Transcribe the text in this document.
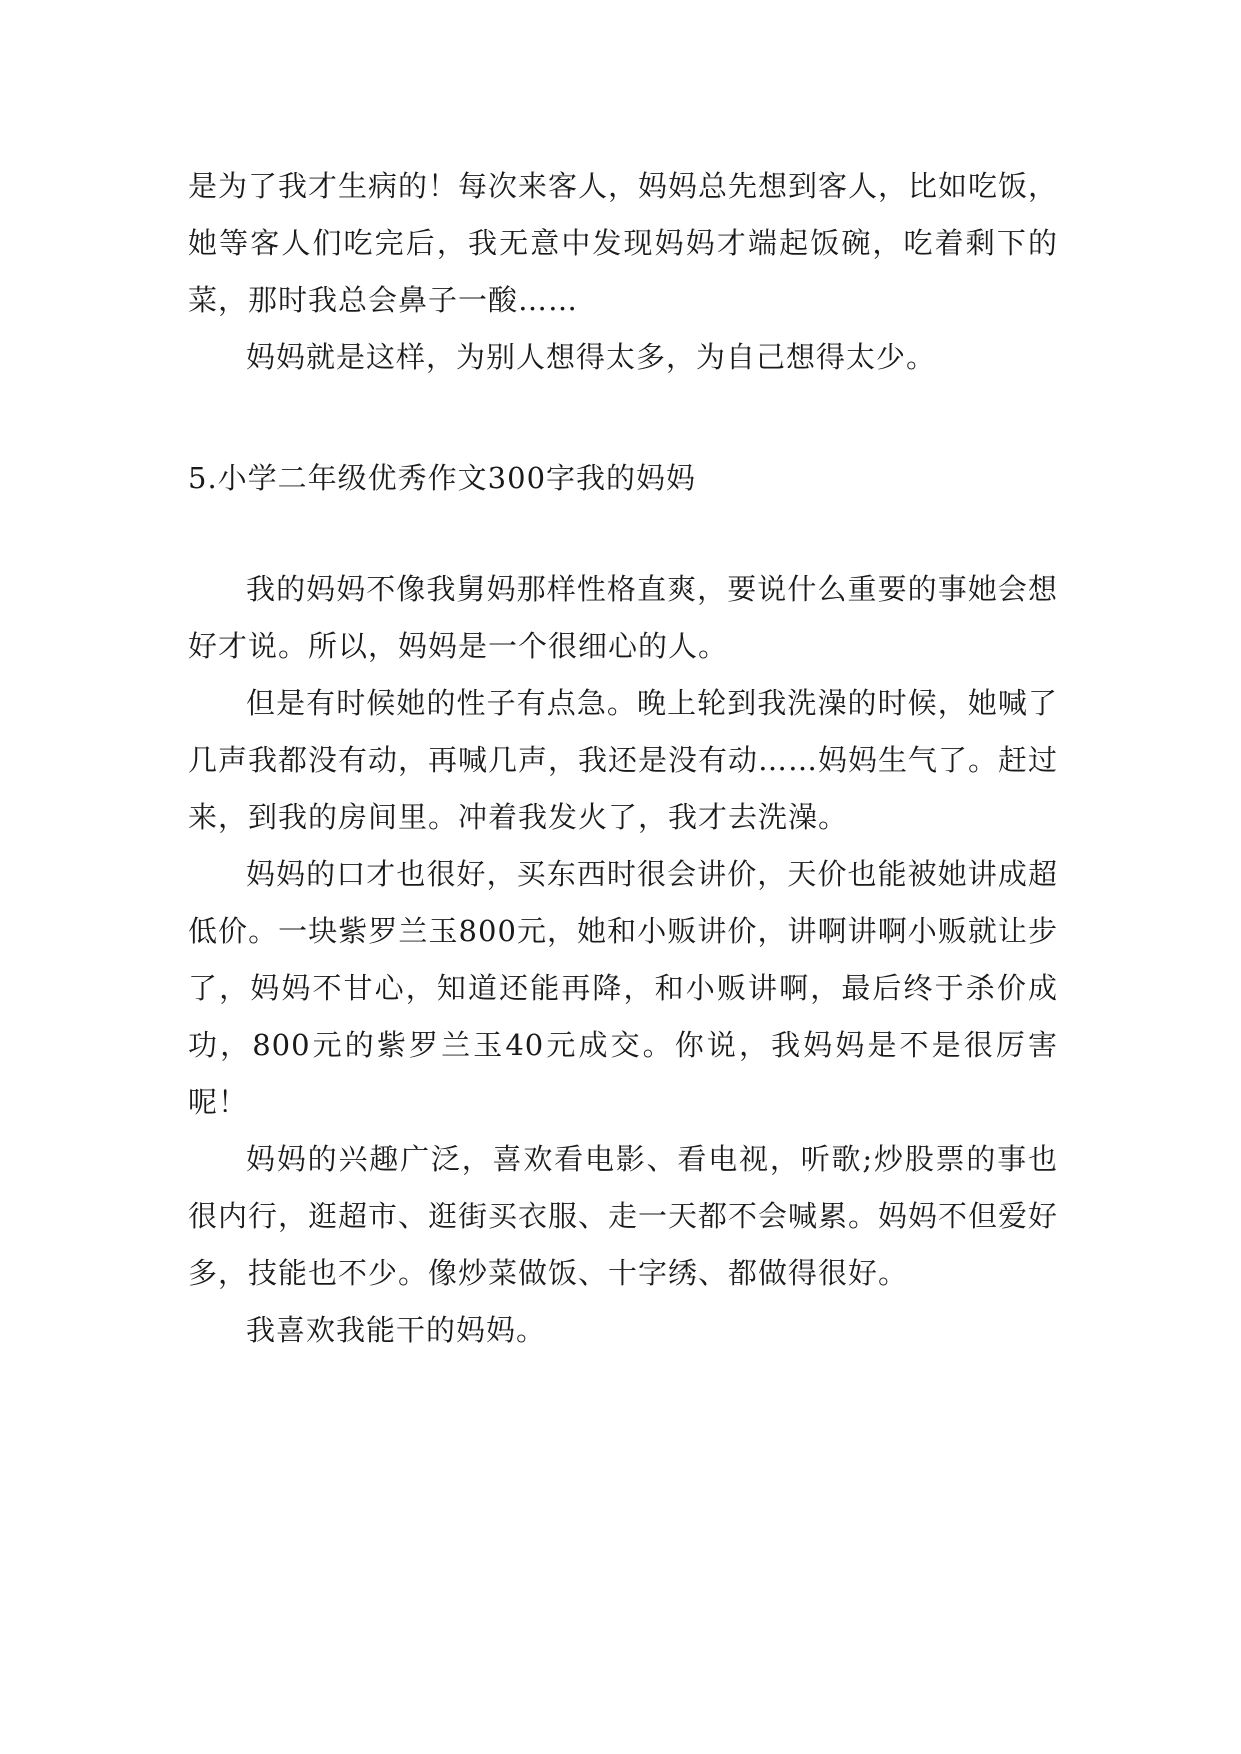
是为了我才生病的！每次来客人，妈妈总先想到客人，比如吃饭，她等客人们吃完后，我无意中发现妈妈才端起饭碗，吃着剩下的菜，那时我总会鼻子一酸……

妈妈就是这样，为别人想得太多，为自己想得太少。

5.小学二年级优秀作文300字我的妈妈

我的妈妈不像我舅妈那样性格直爽，要说什么重要的事她会想好才说。所以，妈妈是一个很细心的人。

但是有时候她的性子有点急。晚上轮到我洗澡的时候，她喊了几声我都没有动，再喊几声，我还是没有动……妈妈生气了。赶过来，到我的房间里。冲着我发火了，我才去洗澡。

妈妈的口才也很好，买东西时很会讲价，天价也能被她讲成超低价。一块紫罗兰玉800元，她和小贩讲价，讲啊讲啊小贩就让步了，妈妈不甘心，知道还能再降，和小贩讲啊，最后终于杀价成功，800元的紫罗兰玉40元成交。你说，我妈妈是不是很厉害呢！

妈妈的兴趣广泛，喜欢看电影、看电视，听歌;炒股票的事也很内行，逛超市、逛街买衣服、走一天都不会喊累。妈妈不但爱好多，技能也不少。像炒菜做饭、十字绣、都做得很好。

我喜欢我能干的妈妈。
